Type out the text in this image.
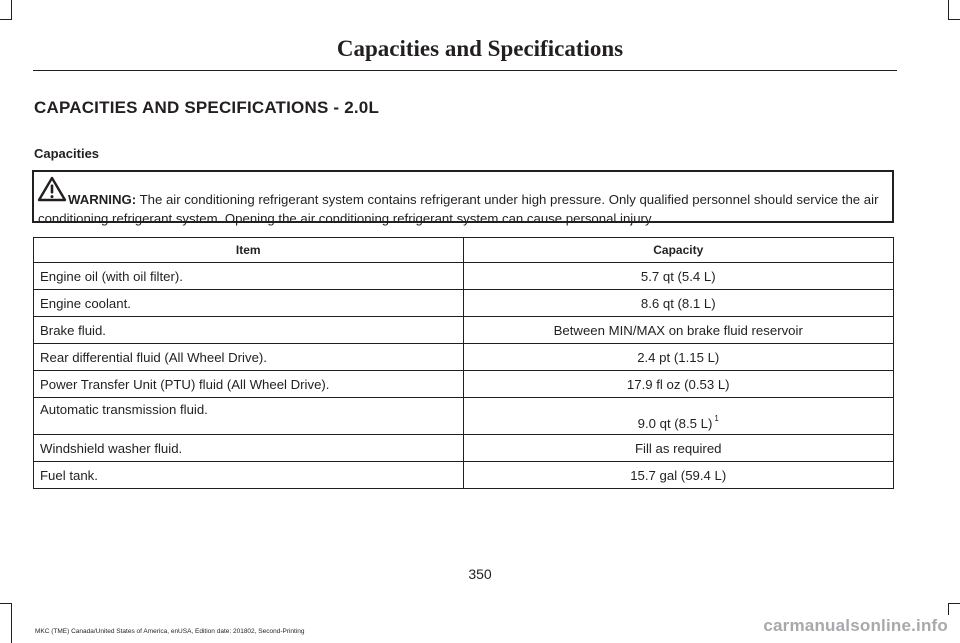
Capacities and Specifications
CAPACITIES AND SPECIFICATIONS - 2.0L
Capacities
WARNING: The air conditioning refrigerant system contains refrigerant under high pressure. Only qualified personnel should service the air conditioning refrigerant system. Opening the air conditioning refrigerant system can cause personal injury.
Item	Capacity
Engine oil (with oil filter).	5.7 qt (5.4 L)
Engine coolant.	8.6 qt (8.1 L)
Brake fluid.	Between MIN/MAX on brake fluid reservoir
Rear differential fluid (All Wheel Drive).	2.4 pt (1.15 L)
Power Transfer Unit (PTU) fluid (All Wheel Drive).	17.9 fl oz (0.53 L)
Automatic transmission fluid.	9.0 qt (8.5 L) $^1$
Windshield washer fluid.	Fill as required
Fuel tank.	15.7 gal (59.4 L)
350
MKC (TME) Canada/United States of America, enUSA, Edition date: 201802, Second-Printing	carmanualsonline.info
